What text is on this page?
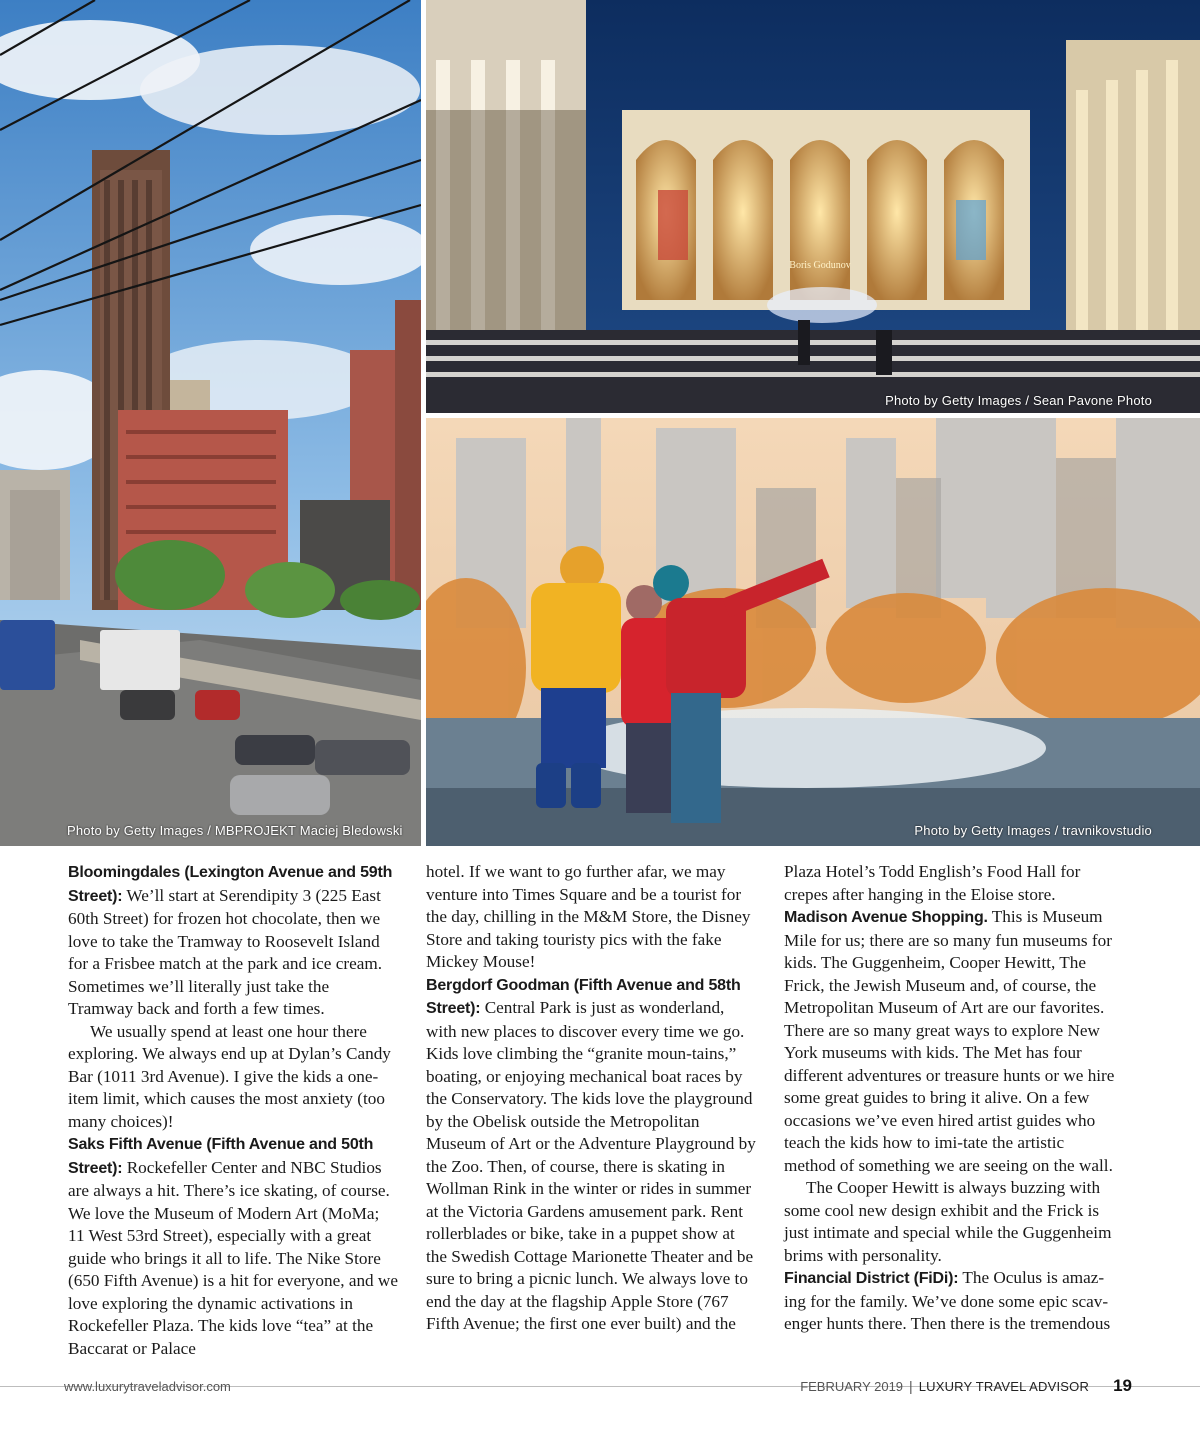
Photo by Getty Images / MBPROJEKT Maciej Bledowski
Boris Godunov
Photo by Getty Images / Sean Pavone Photo
Photo by Getty Images / travnikovstudio

Bloomingdales (Lexington Avenue and 59th Street): We’ll start at Serendipity 3 (225 East 60th Street) for frozen hot chocolate, then we love to take the Tramway to Roosevelt Island for a Frisbee match at the park and ice cream. Sometimes we’ll literally just take the Tramway back and forth a few times.

We usually spend at least one hour there exploring. We always end up at Dylan’s Candy Bar (1011 3rd Avenue). I give the kids a one-item limit, which causes the most anxiety (too many choices)!

Saks Fifth Avenue (Fifth Avenue and 50th Street): Rockefeller Center and NBC Studios are always a hit. There’s ice skating, of course. We love the Museum of Modern Art (MoMa; 11 West 53rd Street), especially with a great guide who brings it all to life. The Nike Store (650 Fifth Avenue) is a hit for everyone, and we love exploring the dynamic activations in Rockefeller Plaza. The kids love “tea” at the Baccarat or Palace

hotel. If we want to go further afar, we may venture into Times Square and be a tourist for the day, chilling in the M&M Store, the Disney Store and taking touristy pics with the fake Mickey Mouse!

Bergdorf Goodman (Fifth Avenue and 58th Street): Central Park is just as wonderland, with new places to discover every time we go. Kids love climbing the “granite moun-tains,” boating, or enjoying mechanical boat races by the Conservatory. The kids love the playground by the Obelisk outside the Metropolitan Museum of Art or the Adventure Playground by the Zoo. Then, of course, there is skating in Wollman Rink in the winter or rides in summer at the Victoria Gardens amusement park. Rent rollerblades or bike, take in a puppet show at the Swedish Cottage Marionette Theater and be sure to bring a picnic lunch. We always love to end the day at the flagship Apple Store (767 Fifth Avenue; the first one ever built) and the

Plaza Hotel’s Todd English’s Food Hall for crepes after hanging in the Eloise store.

Madison Avenue Shopping. This is Museum Mile for us; there are so many fun museums for kids. The Guggenheim, Cooper Hewitt, The Frick, the Jewish Museum and, of course, the Metropolitan Museum of Art are our favorites. There are so many great ways to explore New York museums with kids. The Met has four different adventures or treasure hunts or we hire some great guides to bring it alive. On a few occasions we’ve even hired artist guides who teach the kids how to imi-tate the artistic method of something we are seeing on the wall.

The Cooper Hewitt is always buzzing with some cool new design exhibit and the Frick is just intimate and special while the Guggenheim brims with personality.

Financial District (FiDi): The Oculus is amaz-ing for the family. We’ve done some epic scav-enger hunts there. Then there is the tremendous

www.luxurytraveladvisor.com	FEBRUARY 2019 | LUXURY TRAVEL ADVISOR 19
